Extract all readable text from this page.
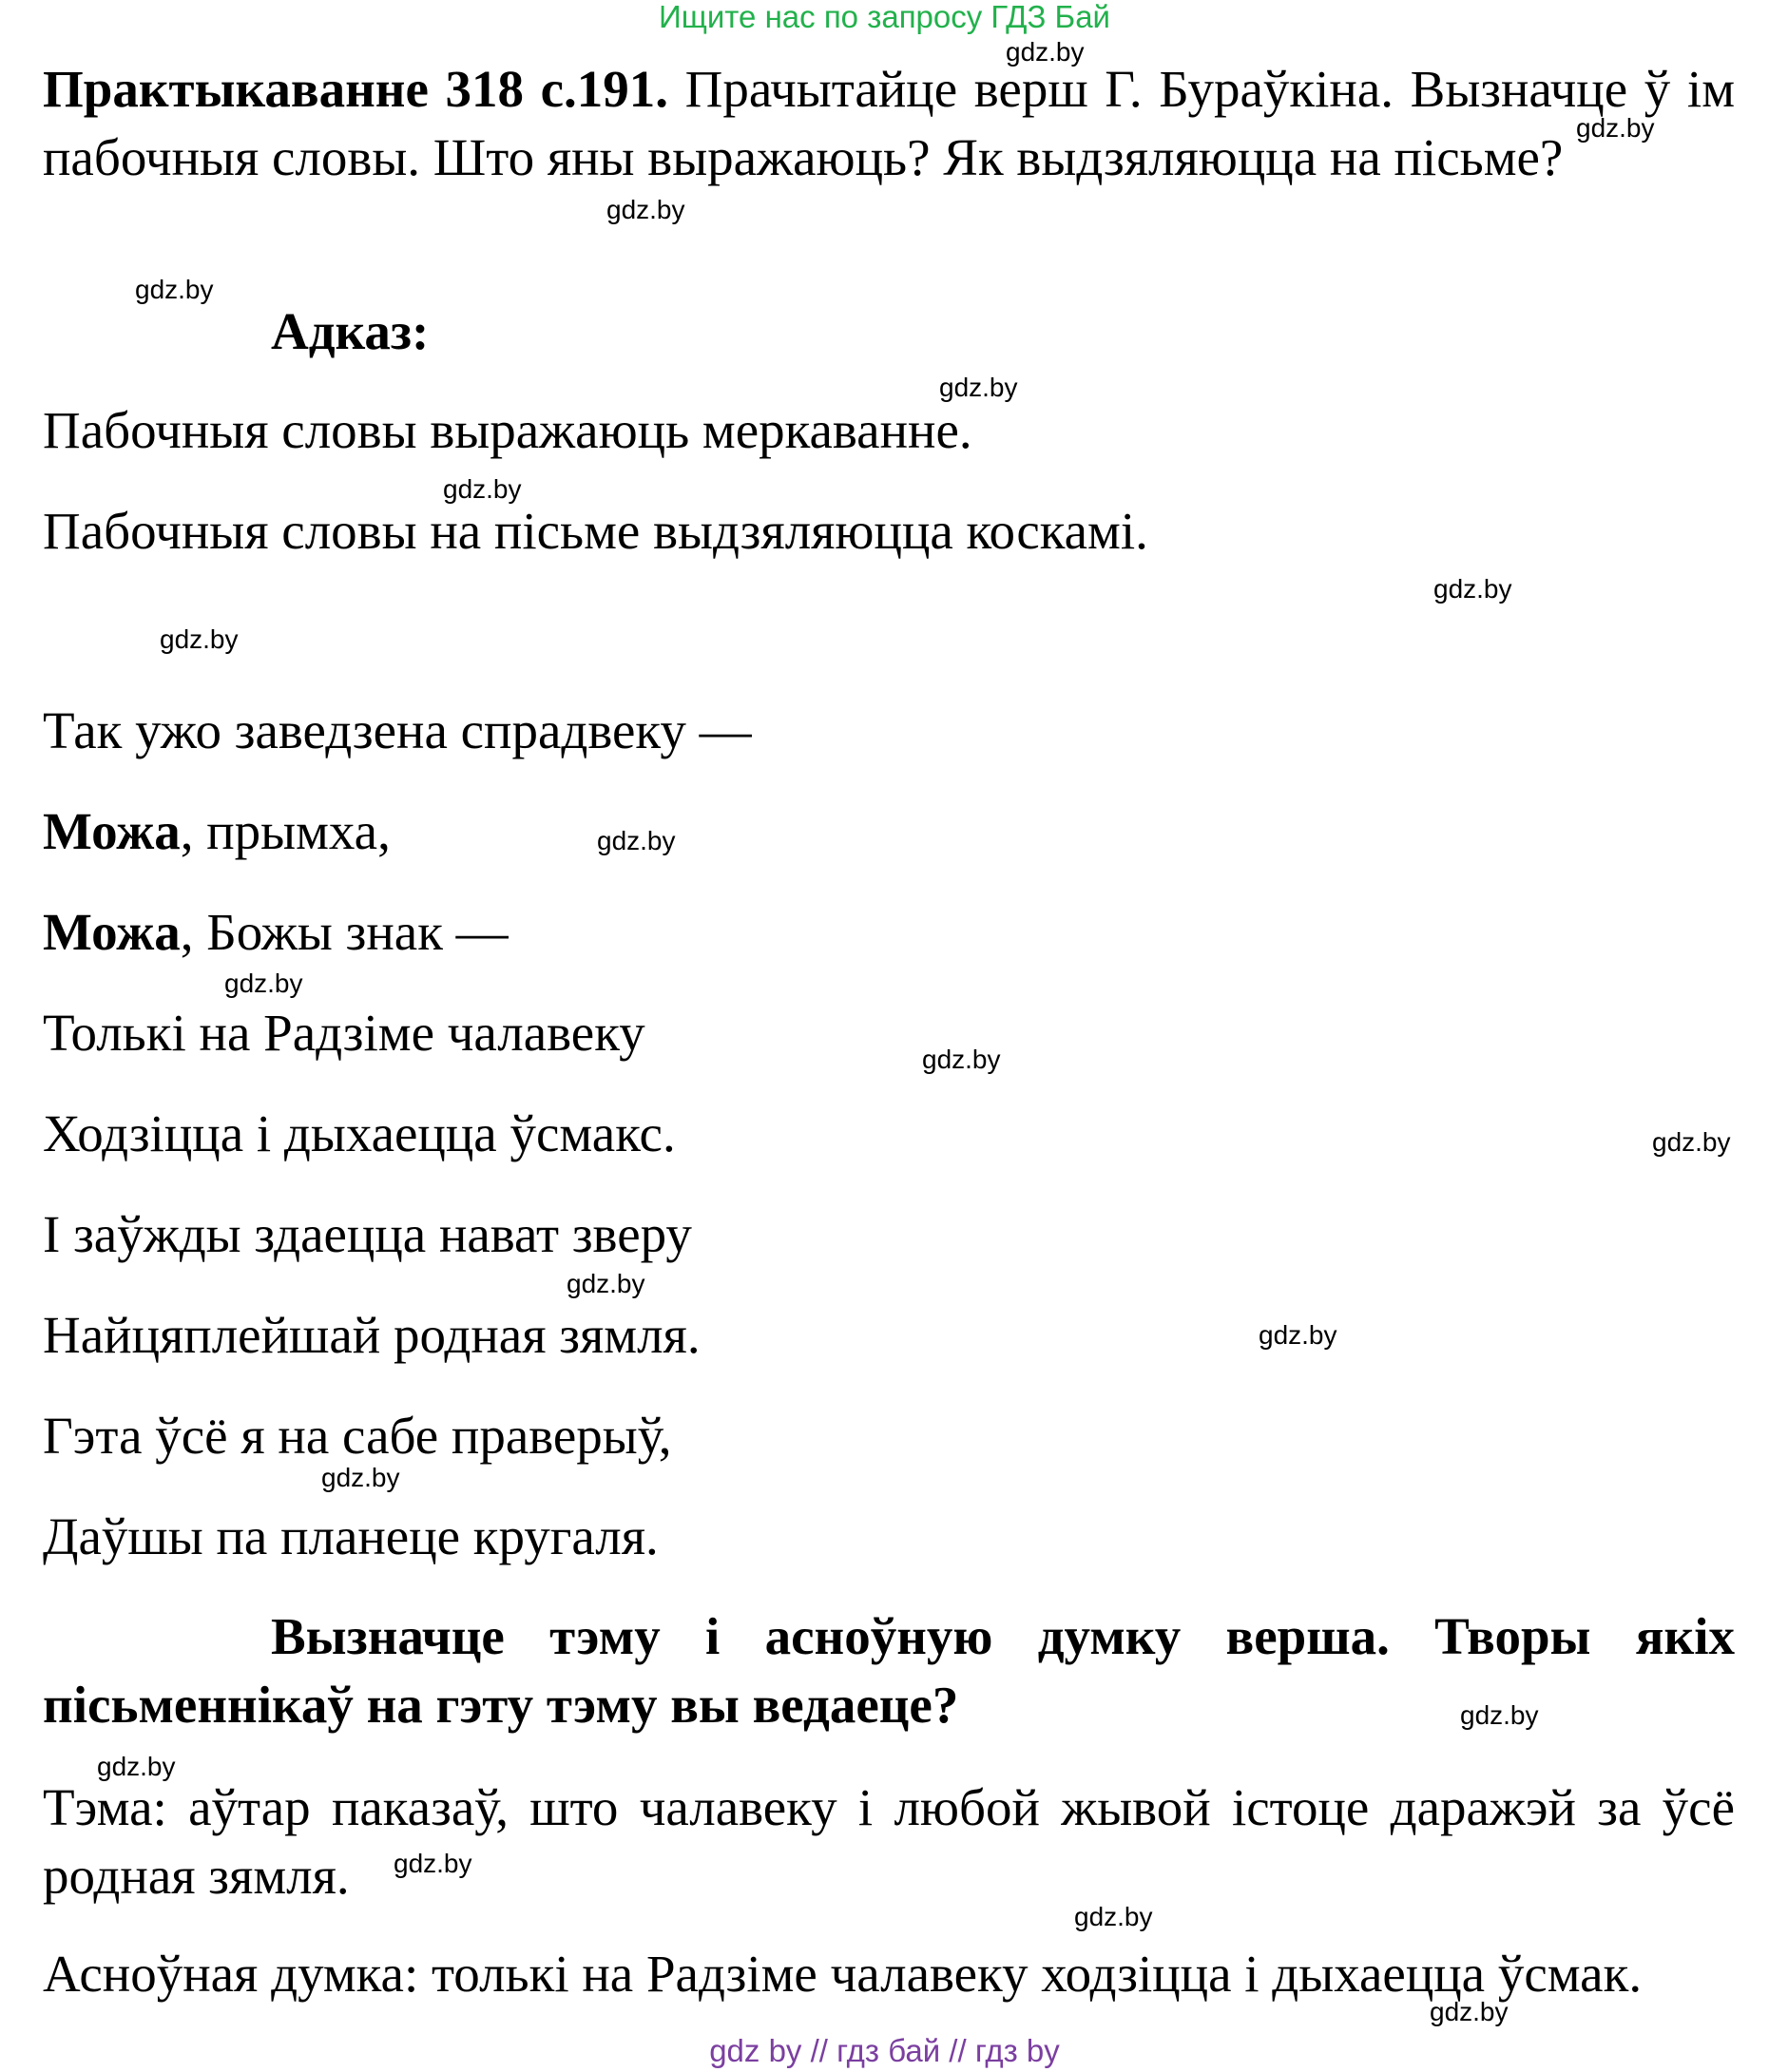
Ищите нас по запросу ГДЗ Бай
gdz.by
gdz.by
gdz.by
gdz.by
gdz.by
gdz.by
gdz.by
gdz.by
gdz.by
gdz.by
gdz.by
gdz.by
gdz.by
gdz.by
gdz.by
gdz.by
gdz.by
gdz.by
gdz.by
gdz.by
Практыкаванне 318 с.191. Прачытайце верш Г. Бураўкіна. Вызначце ў ім пабочныя словы. Што яны выражаюць? Як выдзяляюцца на пісьме?
Адказ:
Пабочныя словы выражаюць меркаванне.
Пабочныя словы на пісьме выдзяляюцца коскамі.
Так ужо заведзена спрадвеку —
Можа, прымха,
Можа, Божы знак —
Толькі на Радзіме чалавеку
Ходзіцца і дыхаецца ўсмакс.
І заўжды здаецца нават зверу
Найцяплейшай родная зямля.
Гэта ўсё я на сабе праверыў,
Даўшы па планеце кругаля.
Вызначце тэму і асноўную думку верша. Творы якіх пісьменнікаў на гэту тэму вы ведаеце?
Тэма: аўтар паказаў, што чалавеку і любой жывой істоце даражэй за ўсё родная зямля.
Асноўная думка: толькі на Радзіме чалавеку ходзіцца і дыхаецца ўсмак.
gdz by // гдз бай // гдз by
